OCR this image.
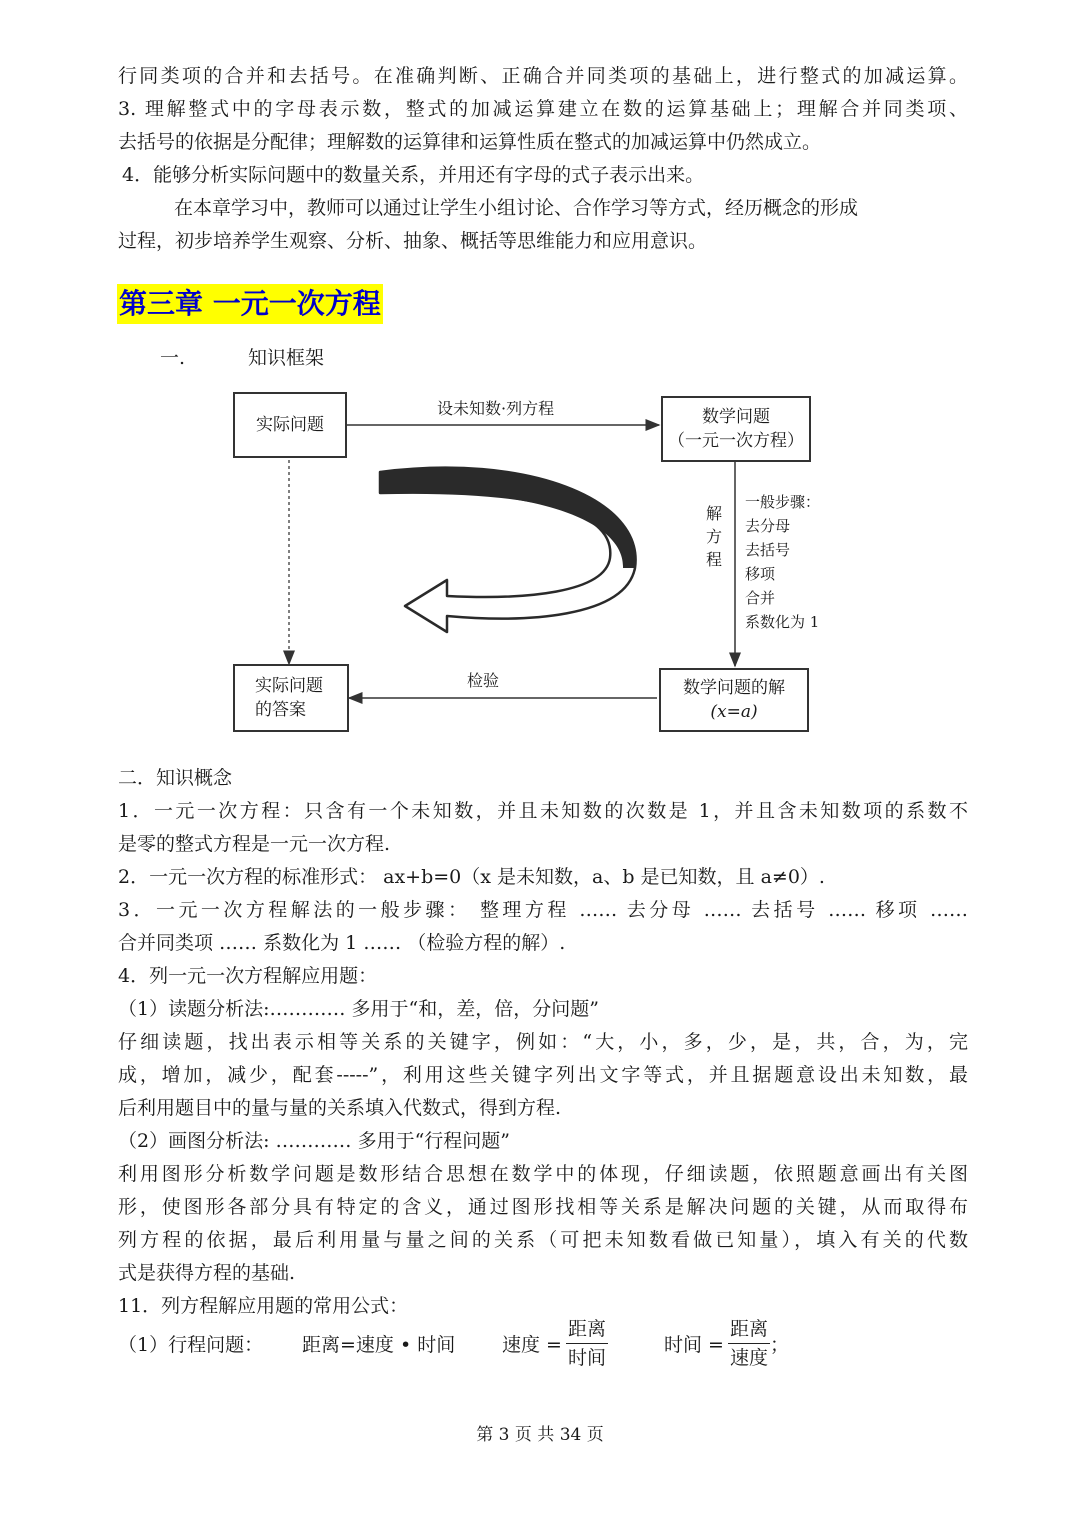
行同类项的合并和去括号。在准确判断、正确合并同类项的基础上，进行整式的加减运算。
3. 理解整式中的字母表示数，整式的加减运算建立在数的运算基础上；理解合并同类项、
去括号的依据是分配律；理解数的运算律和运算性质在整式的加减运算中仍然成立。
4．能够分析实际问题中的数量关系，并用还有字母的式子表示出来。
在本章学习中，教师可以通过让学生小组讨论、合作学习等方式，经历概念的形成
过程，初步培养学生观察、分析、抽象、概括等思维能力和应用意识。
第三章 一元一次方程
一.	知识框架
实际问题
设未知数·列方程	数学问题
（一元一次方程）
解
方
程
一般步骤：
去分母
去括号
移项
合并
系数化为 1
检验
实际问题
的答案
数学问题的解
(x=a)
二．知识概念
1．一元一次方程：只含有一个未知数，并且未知数的次数是 1，并且含未知数项的系数不
是零的整式方程是一元一次方程.
2．一元一次方程的标准形式： ax+b=0（x 是未知数，a、b 是已知数，且 a≠0）.
3．一元一次方程解法的一般步骤： 整理方程 …… 去分母 …… 去括号 …… 移项 ……
合并同类项 …… 系数化为 1 …… （检验方程的解）.
4．列一元一次方程解应用题：
（1）读题分析法:………… 多用于“和，差，倍，分问题”
仔细读题，找出表示相等关系的关键字，例如：“大，小，多，少，是，共，合，为，完
成，增加，减少，配套-----”，利用这些关键字列出文字等式，并且据题意设出未知数，最
后利用题目中的量与量的关系填入代数式，得到方程.
（2）画图分析法: ………… 多用于“行程问题”
利用图形分析数学问题是数形结合思想在数学中的体现，仔细读题，依照题意画出有关图
形，使图形各部分具有特定的含义，通过图形找相等关系是解决问题的关键，从而取得布
列方程的依据，最后利用量与量之间的关系（可把未知数看做已知量），填入有关的代数
式是获得方程的基础.
11．列方程解应用题的常用公式：
（1）行程问题： 距离=速度 • 时间 速度 = $\frac{\text{距离}}{\text{时间}}$	时间 = $\frac{\text{距离}}{\text{速度}}$ ；
第 3 页 共 34 页
